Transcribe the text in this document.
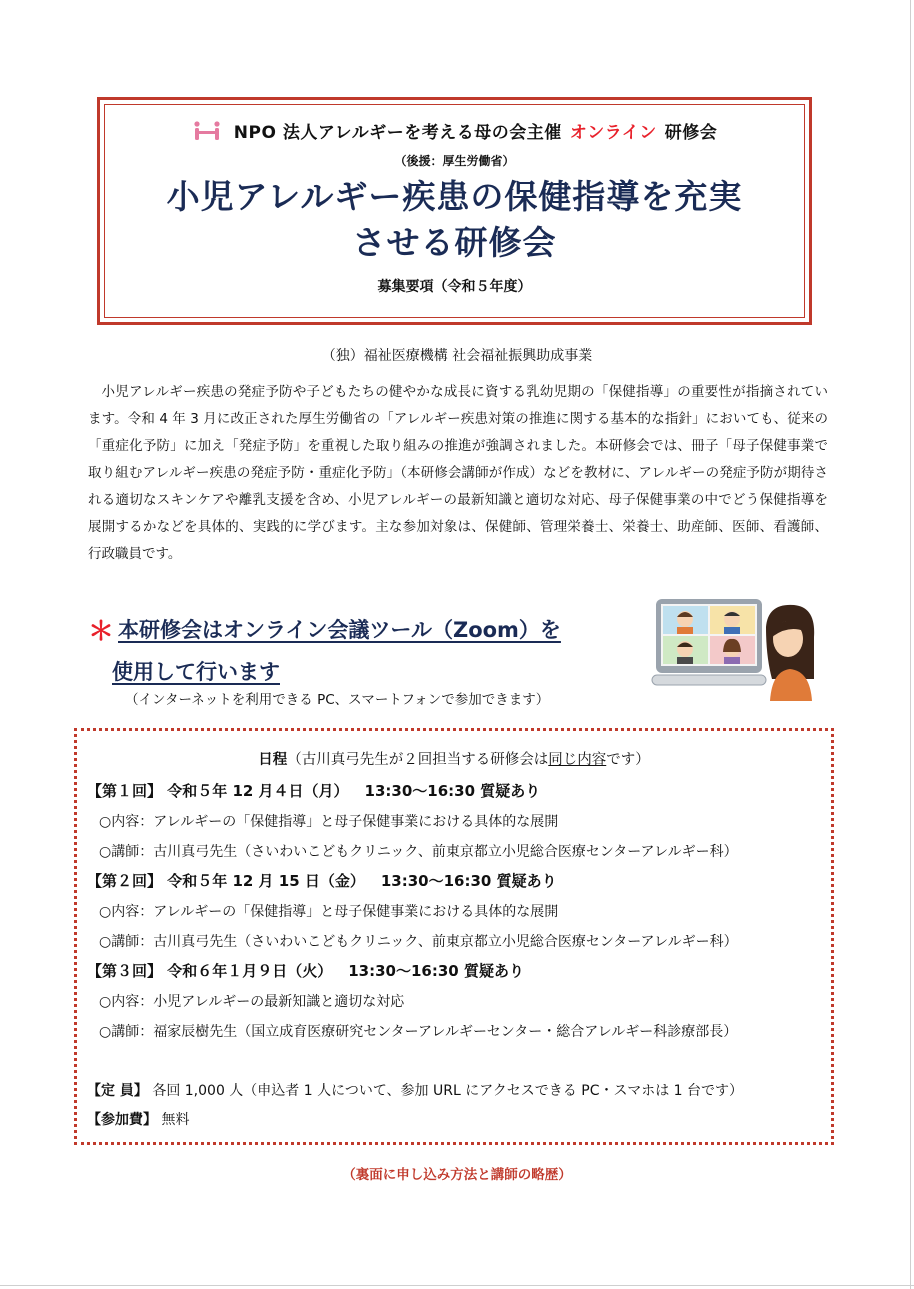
NPO 法人アレルギーを考える母の会主催 オンライン 研修会
（後援：厚生労働省）
小児アレルギー疾患の保健指導を充実
させる研修会
募集要項（令和５年度）
（独）福祉医療機構 社会福祉振興助成事業

小児アレルギー疾患の発症予防や子どもたちの健やかな成長に資する乳幼児期の「保健指導」の重要性が指摘されています。令和 4 年 3 月に改正された厚生労働省の「アレルギー疾患対策の推進に関する基本的な指針」においても、従来の「重症化予防」に加え「発症予防」を重視した取り組みの推進が強調されました。本研修会では、冊子「母子保健事業で取り組むアレルギー疾患の発症予防・重症化予防」（本研修会講師が作成）などを教材に、アレルギーの発症予防が期待される適切なスキンケアや離乳支援を含め、小児アレルギーの最新知識と適切な対応、母子保健事業の中でどう保健指導を展開するかなどを具体的、実践的に学びます。主な参加対象は、保健師、管理栄養士、栄養士、助産師、医師、看護師、行政職員です。

＊ 本研修会はオンライン会議ツール（Zoom）を
使用して行います
（インターネットを利用できる PC、スマートフォンで参加できます）
日程（古川真弓先生が２回担当する研修会は同じ内容です）
【第１回】 令和５年 12 月４日（月） 13:30～16:30 質疑あり
○内容：アレルギーの「保健指導」と母子保健事業における具体的な展開
○講師：古川真弓先生（さいわいこどもクリニック、前東京都立小児総合医療センターアレルギー科）
【第２回】 令和５年 12 月 15 日（金） 13:30～16:30 質疑あり
○内容：アレルギーの「保健指導」と母子保健事業における具体的な展開
○講師：古川真弓先生（さいわいこどもクリニック、前東京都立小児総合医療センターアレルギー科）
【第３回】 令和６年１月９日（火） 13:30～16:30 質疑あり
○内容：小児アレルギーの最新知識と適切な対応
○講師：福家辰樹先生（国立成育医療研究センターアレルギーセンター・総合アレルギー科診療部長）
【定 員】 各回 1,000 人（申込者 1 人について、参加 URL にアクセスできる PC・スマホは 1 台です）
【参加費】 無料
（裏面に申し込み方法と講師の略歴）
